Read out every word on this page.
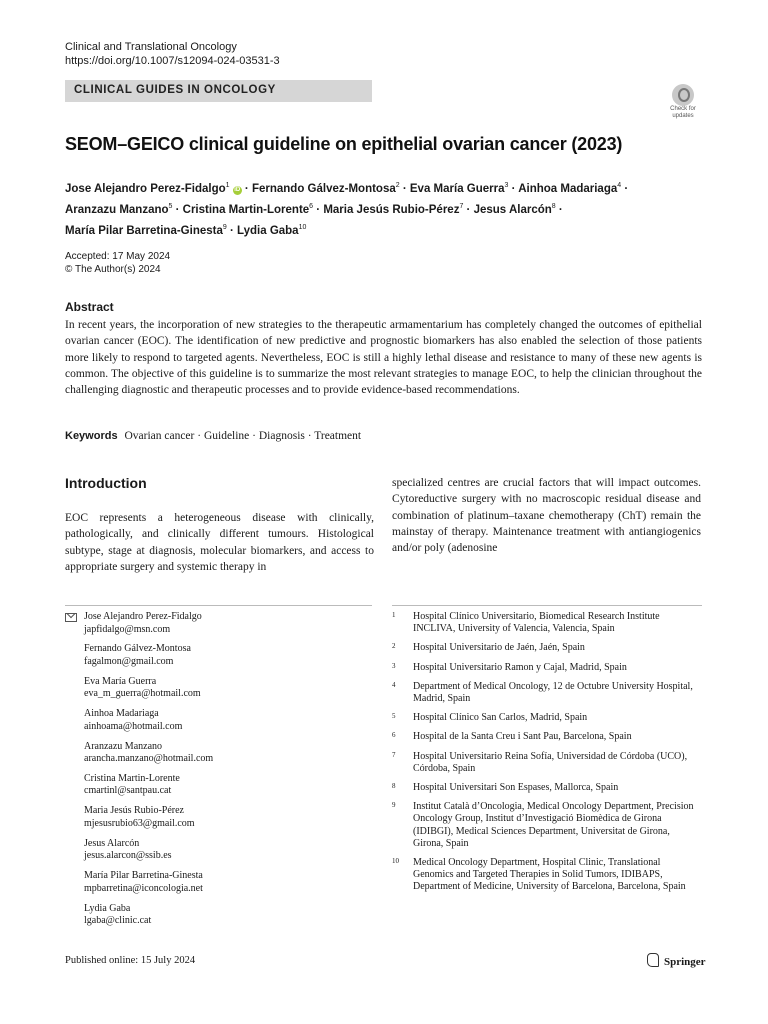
Clinical and Translational Oncology
https://doi.org/10.1007/s12094-024-03531-3
CLINICAL GUIDES IN ONCOLOGY
Check for
updates
SEOM–GEICO clinical guideline on epithelial ovarian cancer (2023)
Jose Alejandro Perez-Fidalgo$^1$ iD · Fernando Gálvez-Montosa$^2$ · Eva María Guerra$^3$ · Ainhoa Madariaga$^4$ ·
Aranzazu Manzano$^5$ · Cristina Martin-Lorente$^6$ · Maria Jesús Rubio-Pérez$^7$ · Jesus Alarcón$^8$ ·
María Pilar Barretina-Ginesta$^9$ · Lydia Gaba$^{10}$
Accepted: 17 May 2024
© The Author(s) 2024
Abstract
In recent years, the incorporation of new strategies to the therapeutic armamentarium has completely changed the outcomes of epithelial ovarian cancer (EOC). The identification of new predictive and prognostic biomarkers has also enabled the selection of those patients more likely to respond to targeted agents. Nevertheless, EOC is still a highly lethal disease and resistance to many of these new agents is common. The objective of this guideline is to summarize the most relevant strategies to manage EOC, to help the clinician throughout the challenging diagnostic and therapeutic processes and to provide evidence-based recommendations.
Keywords Ovarian cancer · Guideline · Diagnosis · Treatment
Introduction
EOC represents a heterogeneous disease with clinically, pathologically, and clinically different tumours. Histological subtype, stage at diagnosis, molecular biomarkers, and access to appropriate surgery and systemic therapy in
specialized centres are crucial factors that will impact outcomes. Cytoreductive surgery with no macroscopic residual disease and combination of platinum–taxane chemotherapy (ChT) remain the mainstay of therapy. Maintenance treatment with antiangiogenics and/or poly (adenosine
Jose Alejandro Perez-Fidalgo
japfidalgo@msn.com
Fernando Gálvez-Montosa
fagalmon@gmail.com
Eva María Guerra
eva_m_guerra@hotmail.com
Ainhoa Madariaga
ainhoama@hotmail.com
Aranzazu Manzano
arancha.manzano@hotmail.com
Cristina Martin-Lorente
cmartinl@santpau.cat
Maria Jesús Rubio-Pérez
mjesusrubio63@gmail.com
Jesus Alarcón
jesus.alarcon@ssib.es
María Pilar Barretina-Ginesta
mpbarretina@iconcologia.net
Lydia Gaba
lgaba@clinic.cat
1 Hospital Clínico Universitario, Biomedical Research Institute INCLIVA, University of Valencia, Valencia, Spain
2 Hospital Universitario de Jaén, Jaén, Spain
3 Hospital Universitario Ramon y Cajal, Madrid, Spain
4 Department of Medical Oncology, 12 de Octubre University Hospital, Madrid, Spain
5 Hospital Clínico San Carlos, Madrid, Spain
6 Hospital de la Santa Creu i Sant Pau, Barcelona, Spain
7 Hospital Universitario Reina Sofía, Universidad de Córdoba (UCO), Córdoba, Spain
8 Hospital Universitari Son Espases, Mallorca, Spain
9 Institut Català d’Oncologia, Medical Oncology Department, Precision Oncology Group, Institut d’Investigació Biomèdica de Girona (IDIBGI), Medical Sciences Department, Universitat de Girona, Girona, Spain
10 Medical Oncology Department, Hospital Clinic, Translational Genomics and Targeted Therapies in Solid Tumors, IDIBAPS, Department of Medicine, University of Barcelona, Barcelona, Spain
Published online: 15 July 2024	Springer
